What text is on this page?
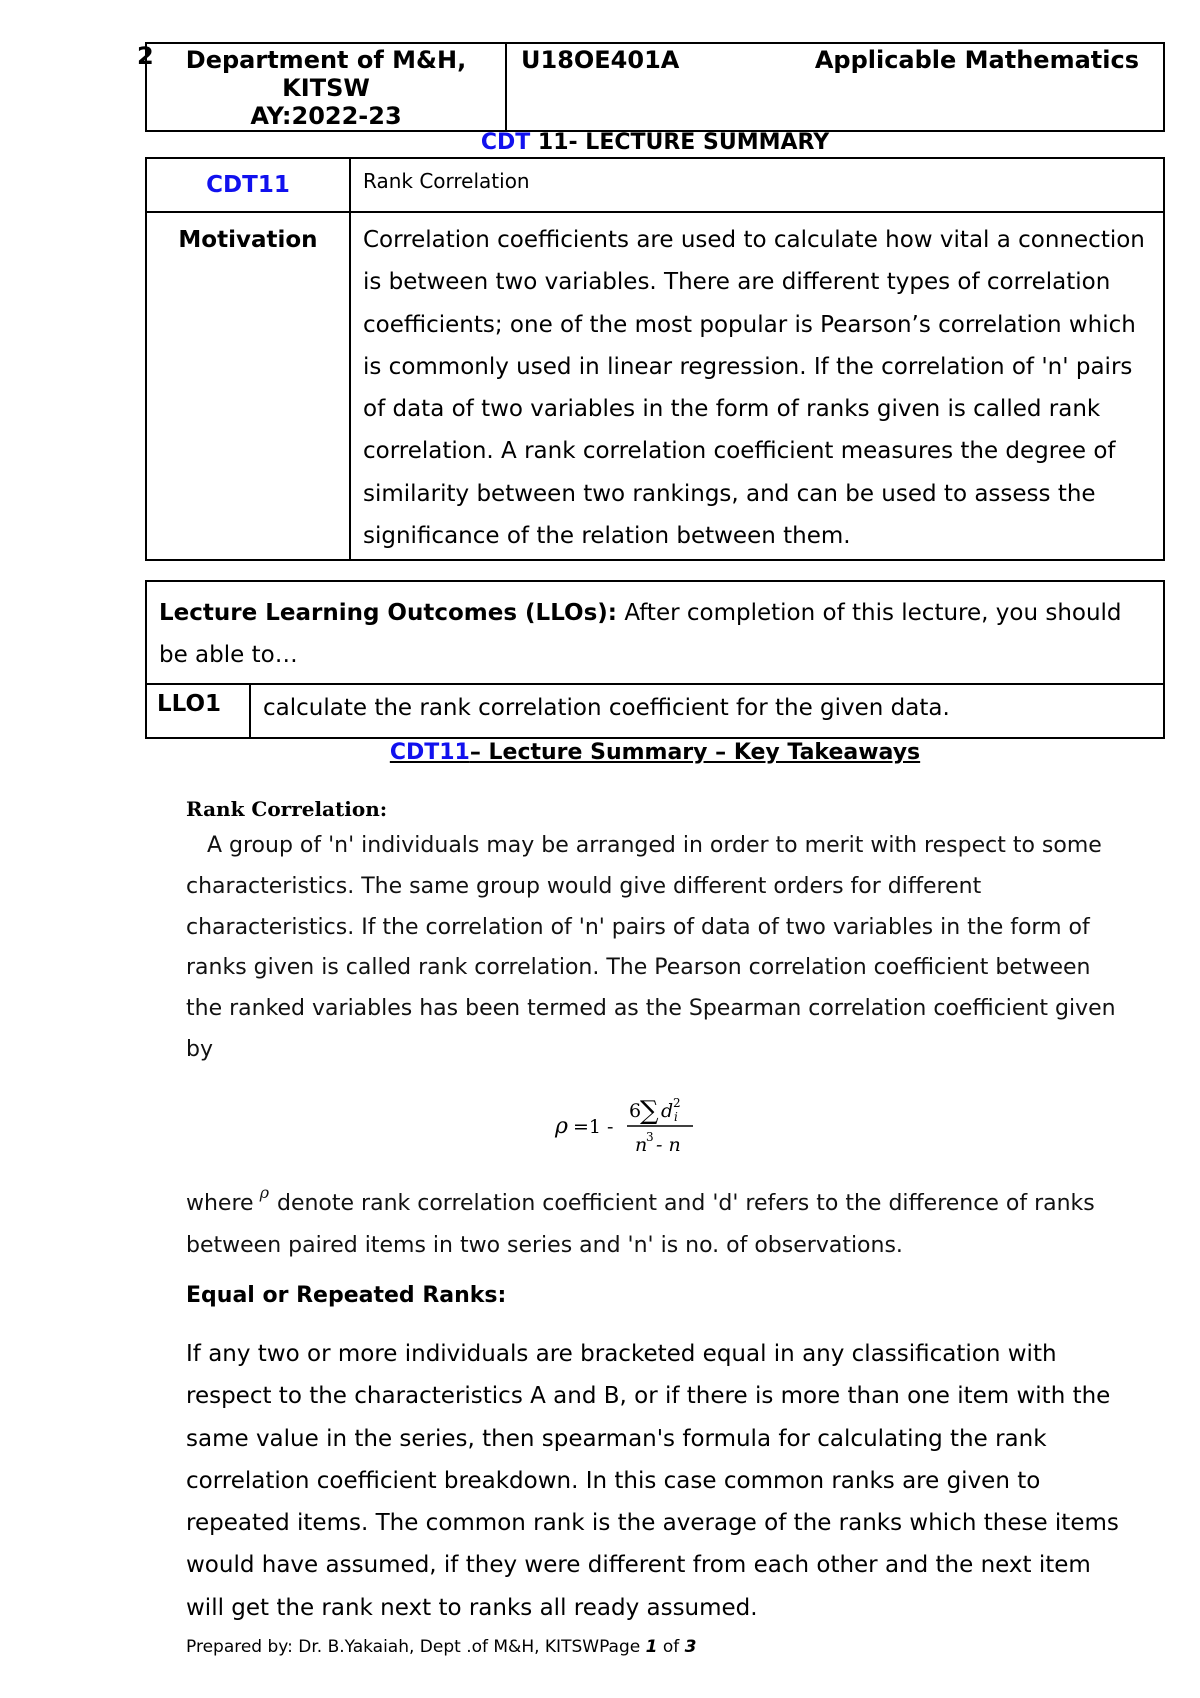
2	Department of M&H,
KITSW
AY:2022-23

U18OE401A	Applicable Mathematics
CDT 11- LECTURE SUMMARY
CDT11	Rank Correlation
Motivation	Correlation coefficients are used to calculate how vital a connection is between two variables. There are different types of correlation coefficients; one of the most popular is Pearson’s correlation which is commonly used in linear regression. If the correlation of 'n' pairs of data of two variables in the form of ranks given is called rank correlation. A rank correlation coefficient measures the degree of similarity between two rankings, and can be used to assess the significance of the relation between them.
Lecture Learning Outcomes (LLOs): After completion of this lecture, you should be able to…
LLO1	calculate the rank correlation coefficient for the given data.
CDT11– Lecture Summary – Key Takeaways
Rank Correlation:
A group of 'n' individuals may be arranged in order to merit with respect to some characteristics. The same group would give different orders for different characteristics. If the correlation of 'n' pairs of data of two variables in the form of ranks given is called rank correlation. The Pearson correlation coefficient between the ranked variables has been termed as the Spearman correlation coefficient given by
ρ =1 -
6
∑ d 2
i
n
3 - n
where $^\rho$ denote rank correlation coefficient and 'd' refers to the difference of ranks between paired items in two series and 'n' is no. of observations.
Equal or Repeated Ranks:
If any two or more individuals are bracketed equal in any classification with respect to the characteristics A and B, or if there is more than one item with the same value in the series, then spearman's formula for calculating the rank correlation coefficient breakdown. In this case common ranks are given to repeated items. The common rank is the average of the ranks which these items would have assumed, if they were different from each other and the next item will get the rank next to ranks all ready assumed.
Prepared by: Dr. B.Yakaiah, Dept .of M&H, KITSWPage 1 of 3
